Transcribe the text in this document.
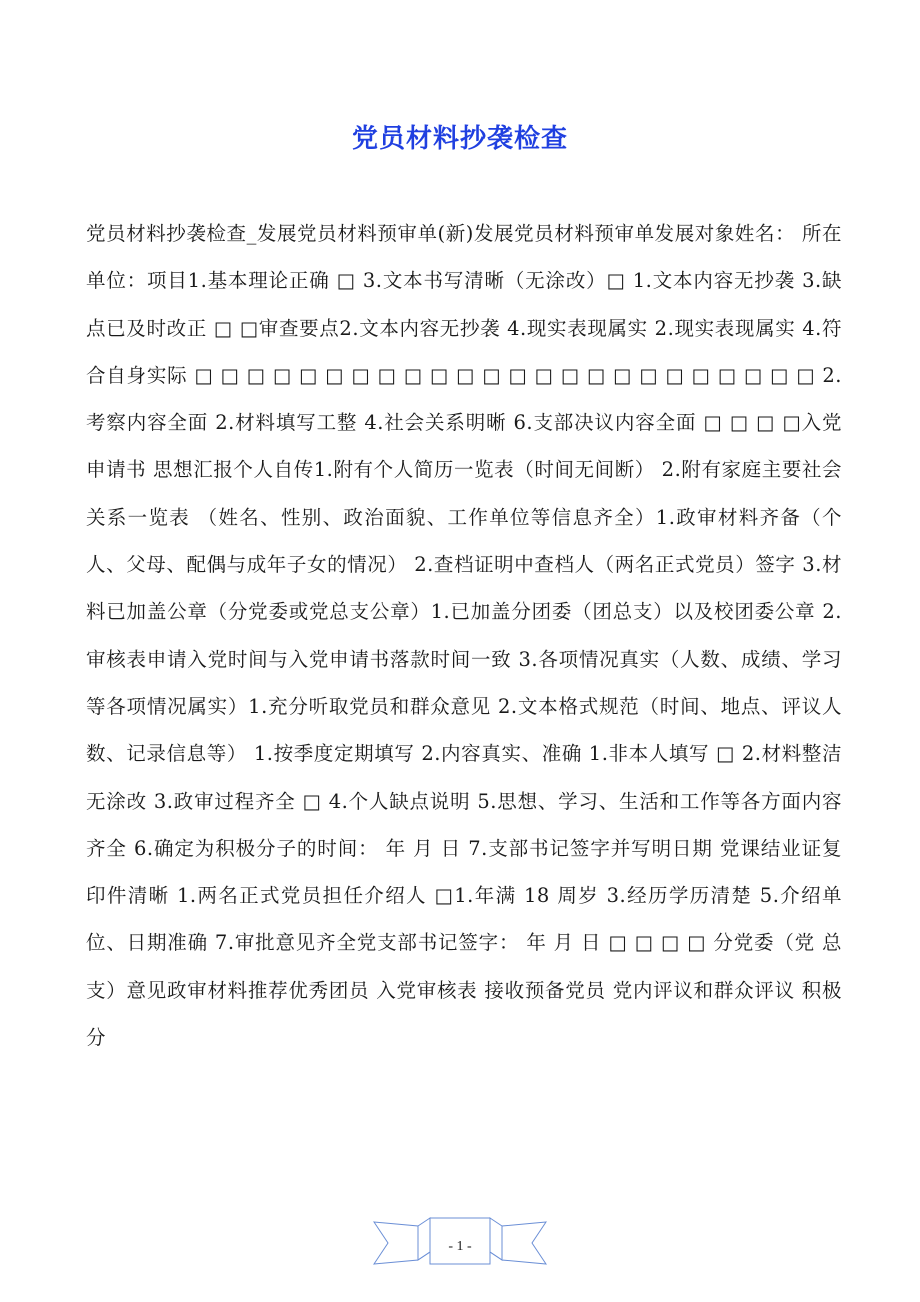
党员材料抄袭检查

党员材料抄袭检查_发展党员材料预审单(新)发展党员材料预审单发展对象姓名： 所在单位：项目1.基本理论正确 □ 3.文本书写清晰（无涂改）□ 1.文本内容无抄袭 3.缺点已及时改正 □ □审查要点2.文本内容无抄袭 4.现实表现属实 2.现实表现属实 4.符合自身实际 □ □ □ □ □ □ □ □ □ □ □ □ □ □ □ □ □ □ □ □ □ □ □ □ 2.考察内容全面 2.材料填写工整 4.社会关系明晰 6.支部决议内容全面 □ □ □ □入党申请书 思想汇报个人自传1.附有个人简历一览表（时间无间断） 2.附有家庭主要社会关系一览表 （姓名、性别、政治面貌、工作单位等信息齐全）1.政审材料齐备（个人、父母、配偶与成年子女的情况） 2.查档证明中查档人（两名正式党员）签字 3.材料已加盖公章（分党委或党总支公章）1.已加盖分团委（团总支）以及校团委公章 2.审核表申请入党时间与入党申请书落款时间一致 3.各项情况真实（人数、成绩、学习等各项情况属实）1.充分听取党员和群众意见 2.文本格式规范（时间、地点、评议人数、记录信息等） 1.按季度定期填写 2.内容真实、准确 1.非本人填写 □ 2.材料整洁无涂改 3.政审过程齐全 □ 4.个人缺点说明 5.思想、学习、生活和工作等各方面内容齐全 6.确定为积极分子的时间： 年 月 日 7.支部书记签字并写明日期 党课结业证复印件清晰 1.两名正式党员担任介绍人 □1.年满 18 周岁 3.经历学历清楚 5.介绍单位、日期准确 7.审批意见齐全党支部书记签字： 年 月 日 □ □ □ □ 分党委（党 总支）意见政审材料推荐优秀团员 入党审核表 接收预备党员 党内评议和群众评议 积极分

- 1 -
